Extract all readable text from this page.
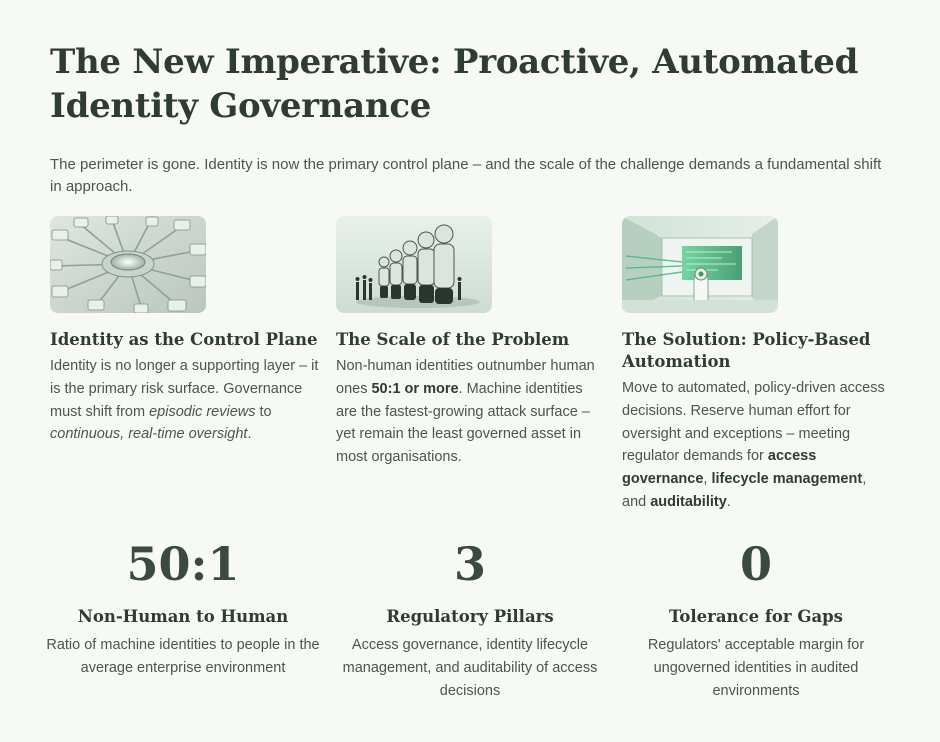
The New Imperative: Proactive, Automated Identity Governance

The perimeter is gone. Identity is now the primary control plane – and the scale of the challenge demands a fundamental shift in approach.

Identity as the Control Plane

Identity is no longer a supporting layer – it is the primary risk surface. Governance must shift from episodic reviews to continuous, real-time oversight.

The Scale of the Problem

Non-human identities outnumber human ones 50:1 or more. Machine identities are the fastest-growing attack surface – yet remain the least governed asset in most organisations.

The Solution: Policy-Based Automation

Move to automated, policy-driven access decisions. Reserve human effort for oversight and exceptions – meeting regulator demands for access governance, lifecycle management, and auditability.

50:1
Non-Human to Human
Ratio of machine identities to people in the average enterprise environment
3
Regulatory Pillars
Access governance, identity lifecycle management, and auditability of access decisions
0
Tolerance for Gaps
Regulators' acceptable margin for ungoverned identities in audited environments
